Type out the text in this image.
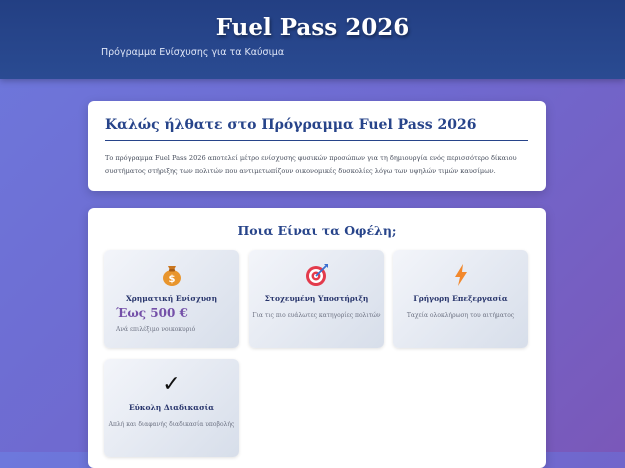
Fuel Pass 2026
Πρόγραμμα Ενίσχυσης για τα Καύσιμα
Καλώς ήλθατε στο Πρόγραμμα Fuel Pass 2026
Το πρόγραμμα Fuel Pass 2026 αποτελεί μέτρο ενίσχυσης φυσικών προσώπων για τη δημιουργία ενός περισσότερο δίκαιου συστήματος στήριξης των πολιτών που αντιμετωπίζουν οικονομικές δυσκολίες λόγω των υψηλών τιμών καυσίμων.
Ποια Είναι τα Οφέλη;
$
Χρηματική Ενίσχυση
Έως 500 €
Ανά επιλέξιμο νοικοκυριό
Στοχευμένη Υποστήριξη
Για τις πιο ευάλωτες κατηγορίες πολιτών
Γρήγορη Επεξεργασία
Ταχεία ολοκλήρωση του αιτήματος
✓
Εύκολη Διαδικασία
Απλή και διαφανής διαδικασία υποβολής
